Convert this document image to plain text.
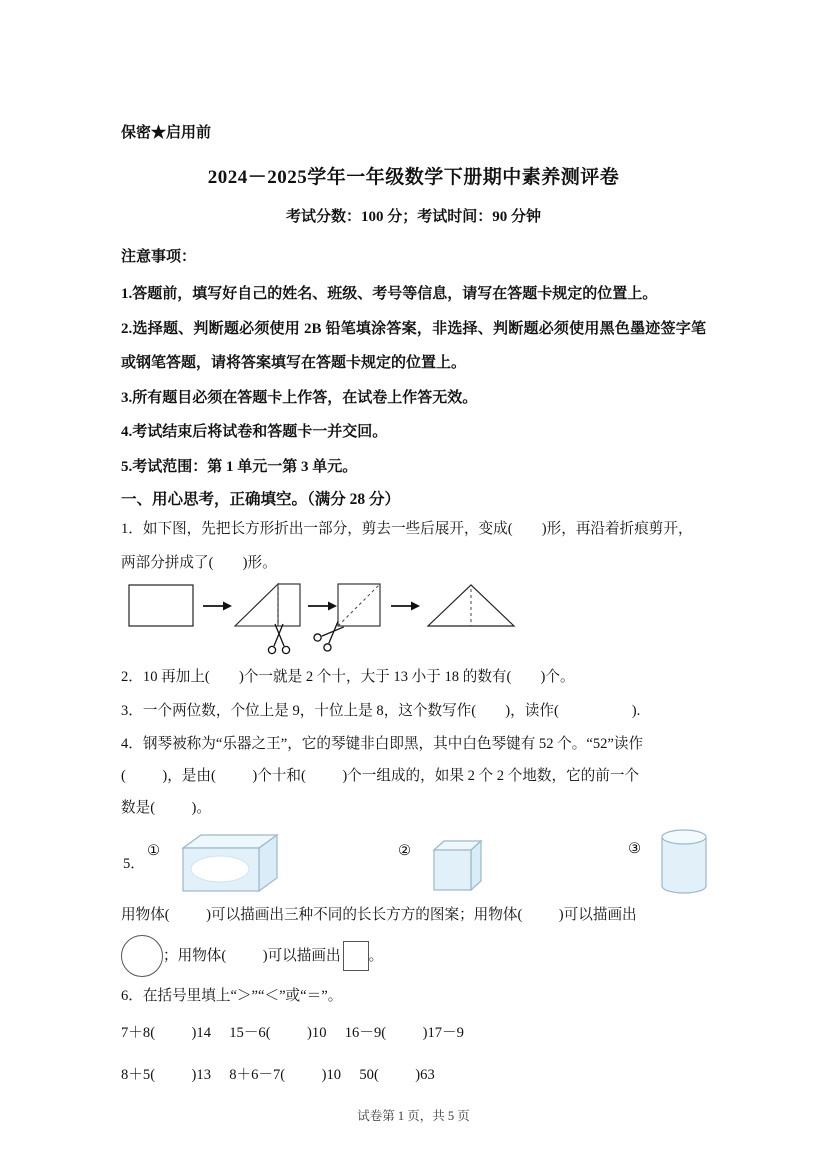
保密★启用前
2024－2025学年一年级数学下册期中素养测评卷
考试分数：100 分；考试时间：90 分钟
注意事项：
1.答题前，填写好自己的姓名、班级、考号等信息，请写在答题卡规定的位置上。
2.选择题、判断题必须使用 2B 铅笔填涂答案，非选择、判断题必须使用黑色墨迹签字笔或钢笔答题，请将答案填写在答题卡规定的位置上。
3.所有题目必须在答题卡上作答，在试卷上作答无效。
4.考试结束后将试卷和答题卡一并交回。
5.考试范围：第 1 单元一第 3 单元。
一、用心思考，正确填空。（满分 28 分）
1．如下图，先把长方形折出一部分，剪去一些后展开，变成(        )形，再沿着折痕剪开，
两部分拼成了(        )形。
2．10 再加上(        )个一就是 2 个十，大于 13 小于 18 的数有(        )个。
3．一个两位数，个位上是 9，十位上是 8，这个数写作(        )，读作(                    ).
4．钢琴被称为“乐器之王”，它的琴键非白即黑，其中白色琴键有 52 个。“52”读作
(          )，是由(          )个十和(          )个一组成的，如果 2 个 2 个地数，它的前一个
数是(          )。
5．
①	②	③
用物体(          )可以描画出三种不同的长长方方的图案；用物体(          )可以描画出
；用物体(          )可以描画出 。
6．在括号里填上“＞”“＜”或“＝”。
7＋8(          )14     15－6(          )10     16－9(          )17－9
8＋5(          )13     8＋6－7(          )10     50(          )63
试卷第 1 页，共 5 页
